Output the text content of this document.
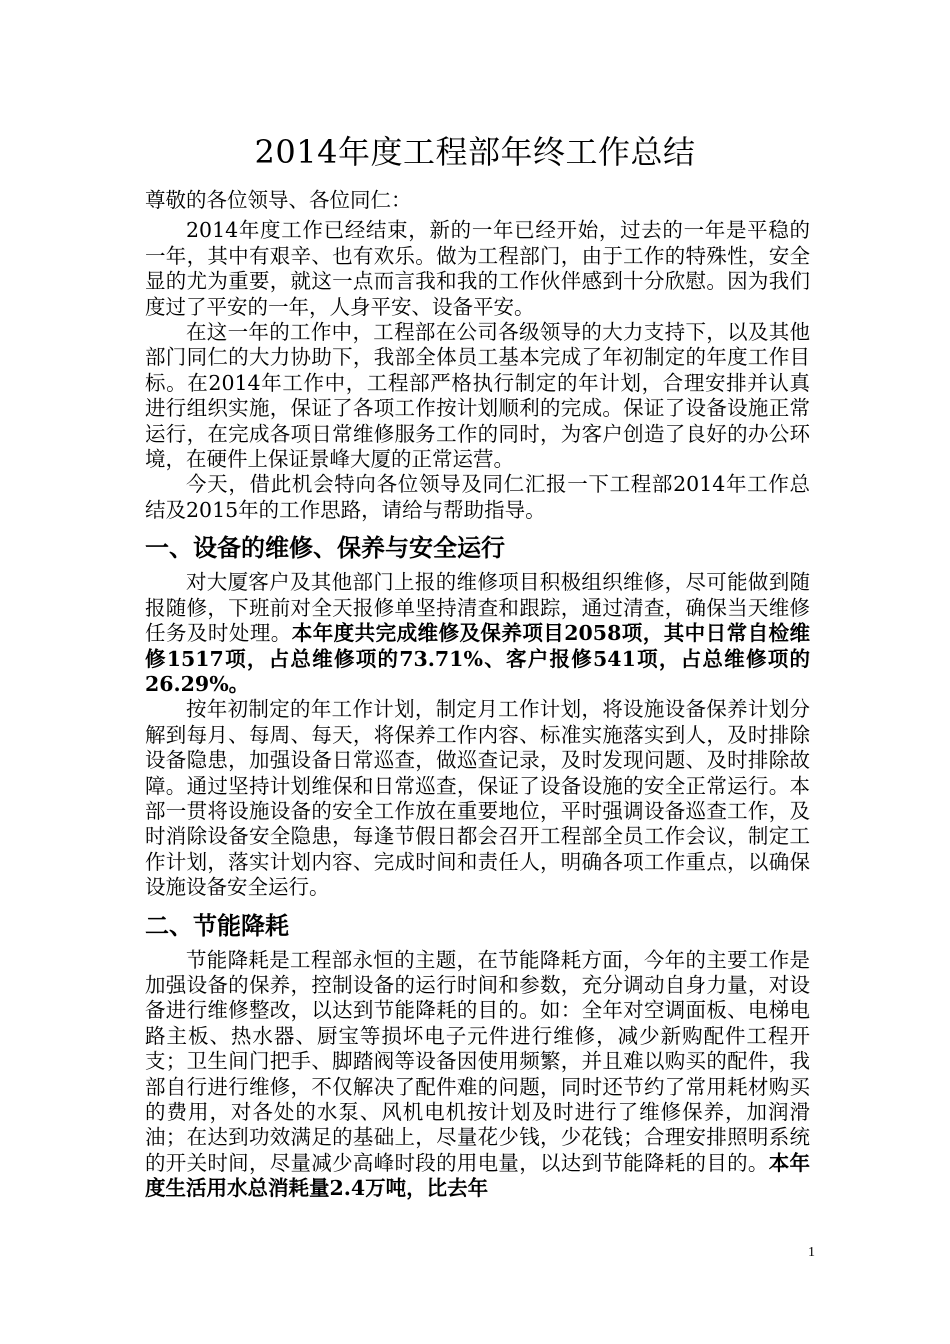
2014年度工程部年终工作总结
尊敬的各位领导、各位同仁：

2014年度工作已经结束，新的一年已经开始，过去的一年是平稳的一年，其中有艰辛、也有欢乐。做为工程部门，由于工作的特殊性，安全显的尤为重要，就这一点而言我和我的工作伙伴感到十分欣慰。因为我们度过了平安的一年，人身平安、设备平安。

在这一年的工作中，工程部在公司各级领导的大力支持下，以及其他部门同仁的大力协助下，我部全体员工基本完成了年初制定的年度工作目标。在2014年工作中，工程部严格执行制定的年计划，合理安排并认真进行组织实施，保证了各项工作按计划顺利的完成。保证了设备设施正常运行，在完成各项日常维修服务工作的同时，为客户创造了良好的办公环境，在硬件上保证景峰大厦的正常运营。

今天，借此机会特向各位领导及同仁汇报一下工程部2014年工作总结及2015年的工作思路，请给与帮助指导。

一、设备的维修、保养与安全运行

对大厦客户及其他部门上报的维修项目积极组织维修，尽可能做到随报随修，下班前对全天报修单坚持清查和跟踪，通过清查，确保当天维修任务及时处理。本年度共完成维修及保养项目2058项，其中日常自检维修1517项，占总维修项的73.71%、客户报修541项，占总维修项的26.29%。

按年初制定的年工作计划，制定月工作计划，将设施设备保养计划分解到每月、每周、每天，将保养工作内容、标准实施落实到人，及时排除设备隐患，加强设备日常巡查，做巡查记录，及时发现问题、及时排除故障。通过坚持计划维保和日常巡查，保证了设备设施的安全正常运行。本部一贯将设施设备的安全工作放在重要地位，平时强调设备巡查工作，及时消除设备安全隐患，每逢节假日都会召开工程部全员工作会议，制定工作计划，落实计划内容、完成时间和责任人，明确各项工作重点，以确保设施设备安全运行。

二、节能降耗

节能降耗是工程部永恒的主题，在节能降耗方面，今年的主要工作是加强设备的保养，控制设备的运行时间和参数，充分调动自身力量，对设备进行维修整改，以达到节能降耗的目的。如：全年对空调面板、电梯电路主板、热水器、厨宝等损坏电子元件进行维修，减少新购配件工程开支；卫生间门把手、脚踏阀等设备因使用频繁，并且难以购买的配件，我部自行进行维修，不仅解决了配件难的问题，同时还节约了常用耗材购买的费用，对各处的水泵、风机电机按计划及时进行了维修保养，加润滑油；在达到功效满足的基础上，尽量花少钱，少花钱；合理安排照明系统的开关时间，尽量减少高峰时段的用电量，以达到节能降耗的目的。本年度生活用水总消耗量2.4万吨，比去年

1
